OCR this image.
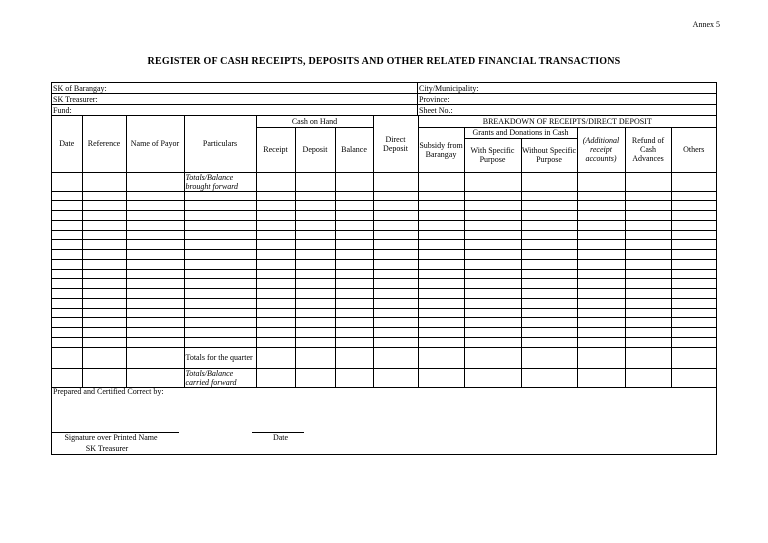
Annex 5
REGISTER OF CASH RECEIPTS, DEPOSITS AND OTHER RELATED FINANCIAL TRANSACTIONS
SK of Barangay:	City/Municipality:
SK Treasurer:	Province:
Fund:	Sheet No.:
Date	Reference	Name of Payor	Particulars	Cash on Hand			Direct Deposit	BREAKDOWN OF RECEIPTS/DIRECT DEPOSIT					
				Receipt	Deposit	Balance		Subsidy from Barangay	Grants and Donations in Cash		(Additional receipt accounts)	Refund of Cash Advances	Others
									With Specific Purpose	Without Specific Purpose			
			Totals/Balance brought forward										

			Totals for the quarter										
			Totals/Balance carried forward										
Prepared and Certified Correct by:
Signature over Printed Name
SK Treasurer
Date
